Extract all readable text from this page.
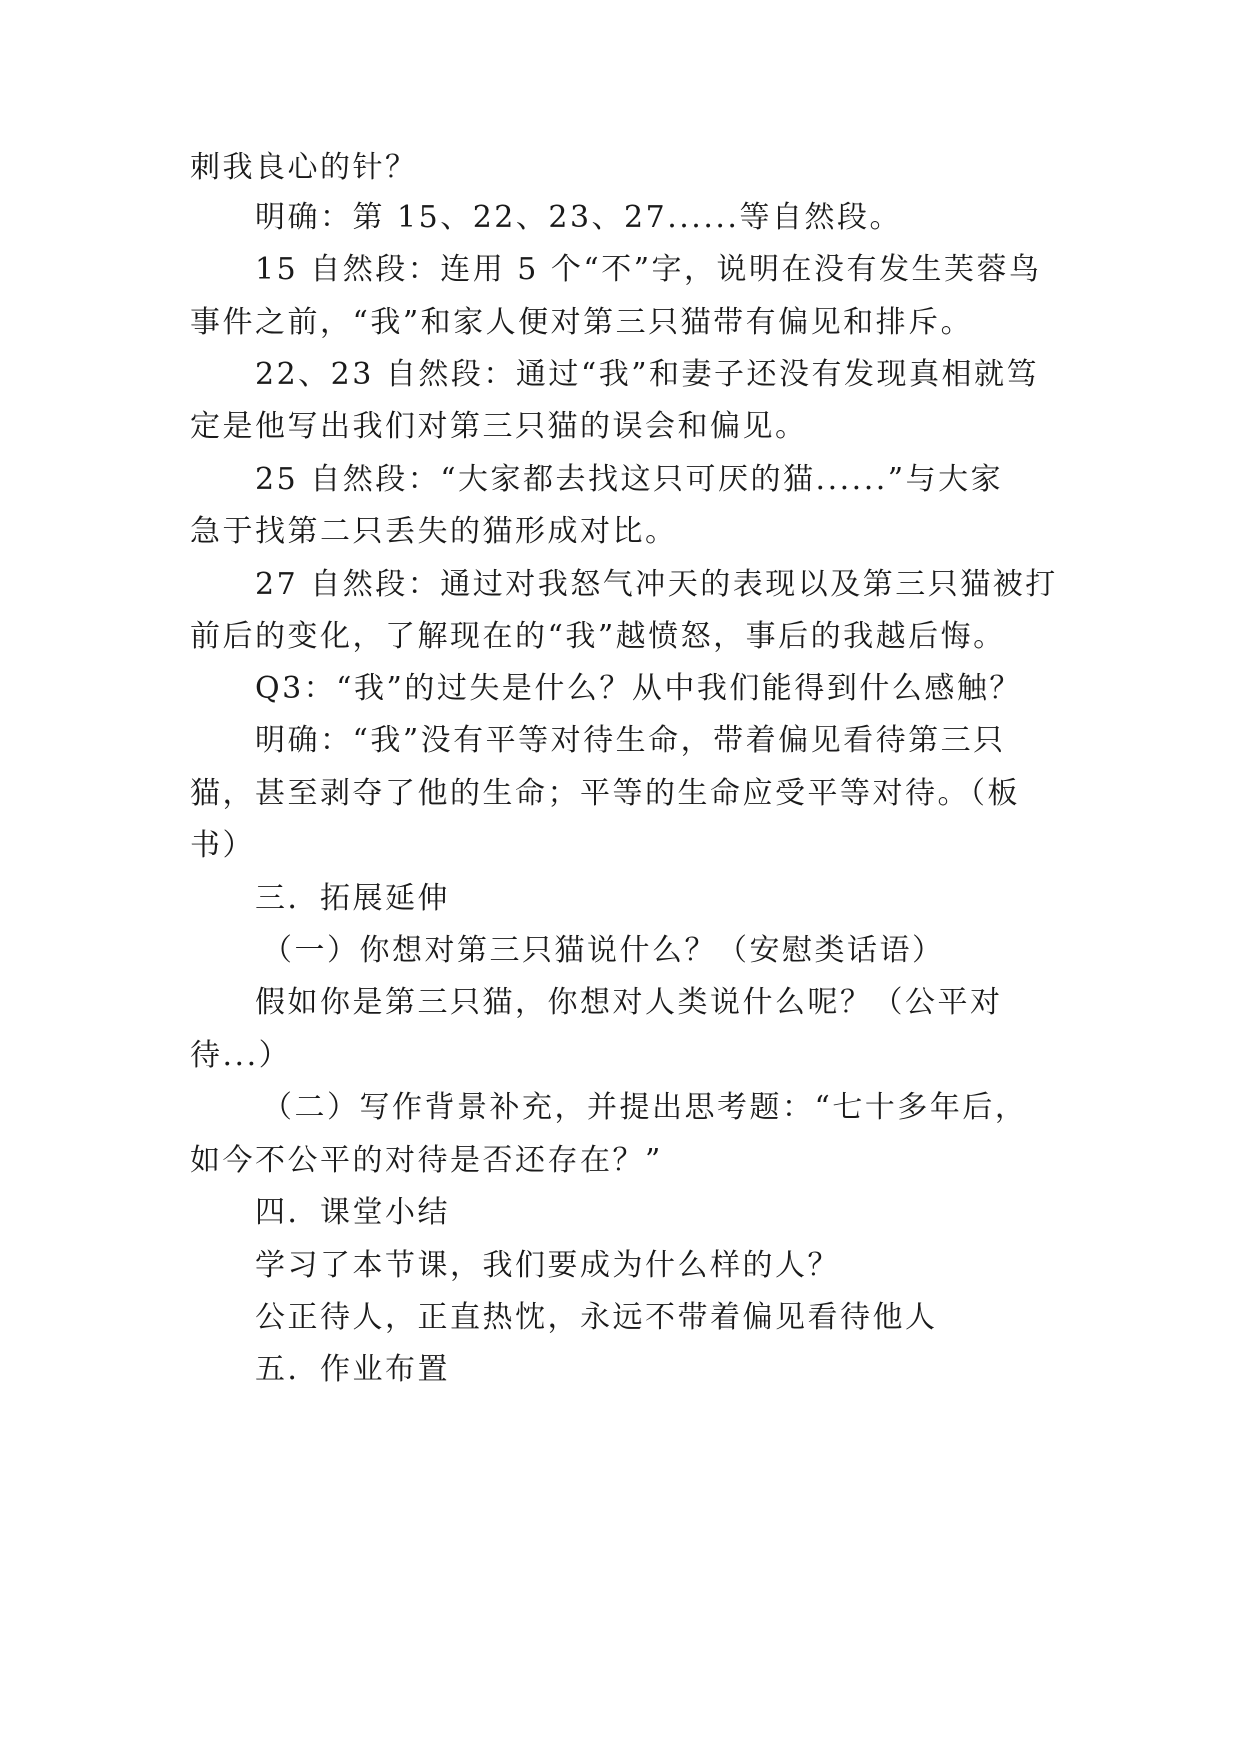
刺我良心的针？
明确：第 15、22、23、27......等自然段。
15 自然段：连用 5 个“不”字，说明在没有发生芙蓉鸟
事件之前，“我”和家人便对第三只猫带有偏见和排斥。
22、23 自然段：通过“我”和妻子还没有发现真相就笃
定是他写出我们对第三只猫的误会和偏见。
25 自然段：“大家都去找这只可厌的猫......”与大家
急于找第二只丢失的猫形成对比。
27 自然段：通过对我怒气冲天的表现以及第三只猫被打
前后的变化，了解现在的“我”越愤怒，事后的我越后悔。
Q3：“我”的过失是什么？从中我们能得到什么感触？
明确：“我”没有平等对待生命，带着偏见看待第三只
猫，甚至剥夺了他的生命；平等的生命应受平等对待。（板
书）
三．拓展延伸
（一）你想对第三只猫说什么？（安慰类话语）
假如你是第三只猫，你想对人类说什么呢？（公平对
待...）
（二）写作背景补充，并提出思考题：“七十多年后，
如今不公平的对待是否还存在？”
四．课堂小结
学习了本节课，我们要成为什么样的人？
公正待人，正直热忱，永远不带着偏见看待他人
五．作业布置
